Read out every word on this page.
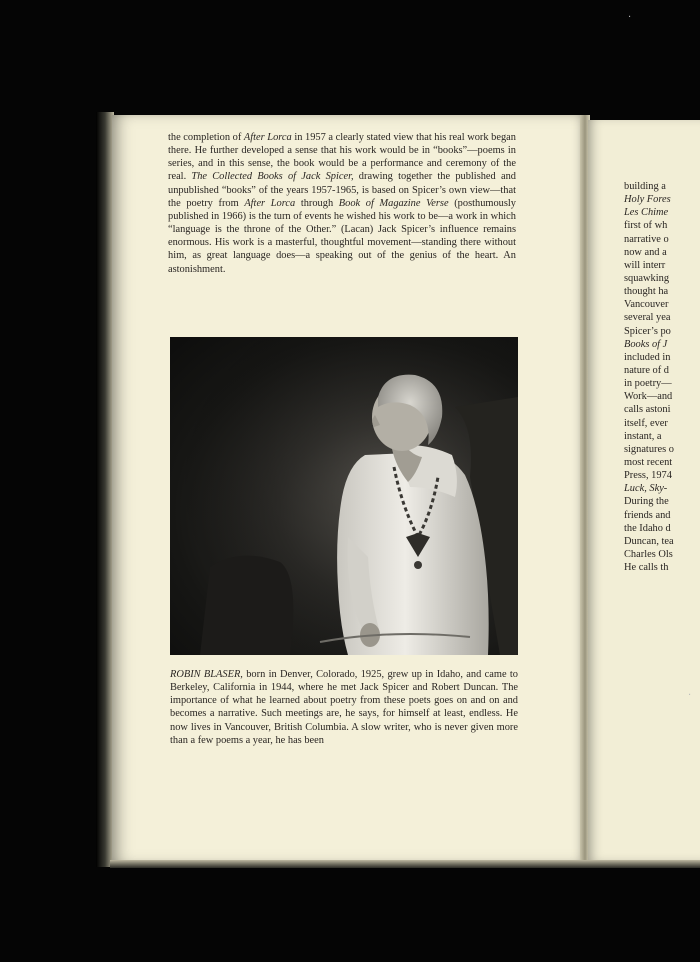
the completion of After Lorca in 1957 a clearly stated view that his real work began there. He further developed a sense that his work would be in “books”—poems in series, and in this sense, the book would be a performance and ceremony of the real. The Collected Books of Jack Spicer, drawing together the published and unpublished “books” of the years 1957-1965, is based on Spicer’s own view—that the poetry from After Lorca through Book of Magazine Verse (posthumously published in 1966) is the turn of events he wished his work to be—a work in which “language is the throne of the Other.” (Lacan) Jack Spicer’s influence remains enormous. His work is a masterful, thoughtful movement—standing there without him, as great language does—a speaking out of the genius of the heart. An astonishment.
ROBIN BLASER, born in Denver, Colorado, 1925, grew up in Idaho, and came to Berkeley, California in 1944, where he met Jack Spicer and Robert Duncan. The importance of what he learned about poetry from these poets goes on and on and becomes a narrative. Such meetings are, he says, for himself at least, endless. He now lives in Vancouver, British Columbia. A slow writer, who is never given more than a few poems a year, he has been
building a
Holy Fores
Les Chime
first of wh
narrative o
now and a
will interr
squawking
thought ha
Vancouver
several yea
Spicer’s po
Books of J
included in
nature of d
in poetry—
Work—and
calls astoni
itself, ever
instant, a
signatures o
most recent
Press, 1974
Luck, Sky-
During the
friends and
the Idaho d
Duncan, tea
Charles Ols
He calls th
·
·
